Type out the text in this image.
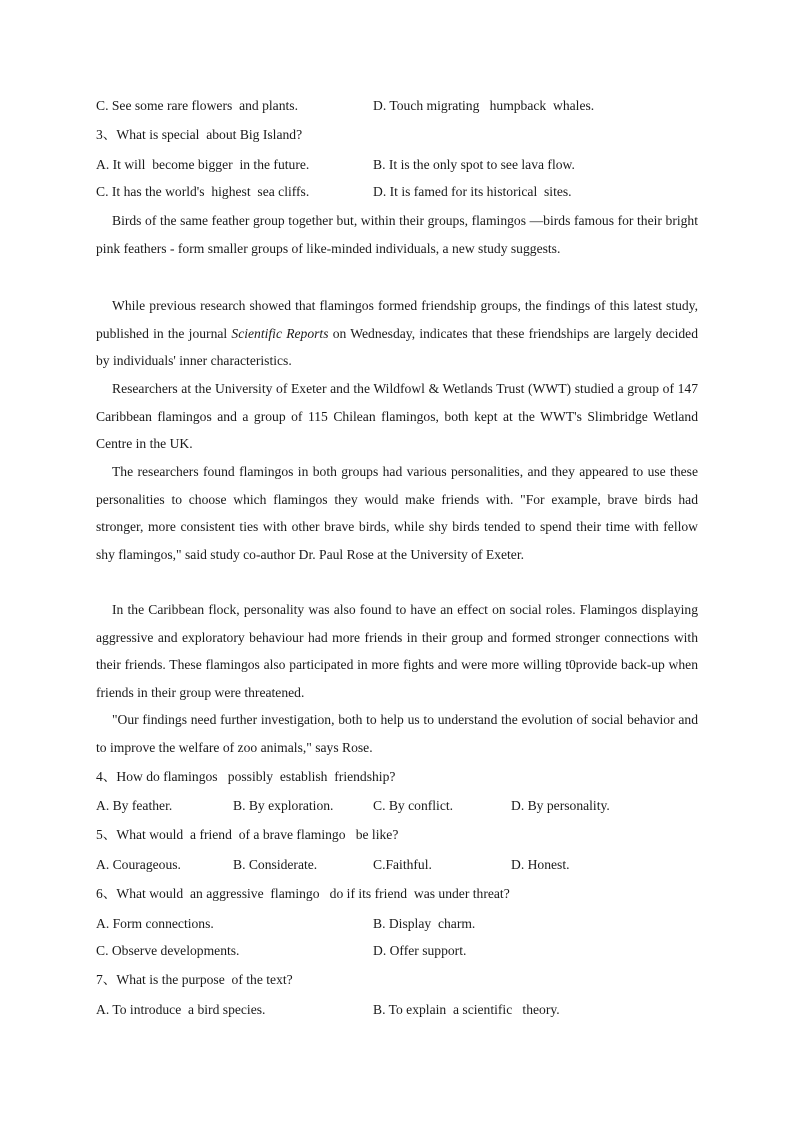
C. See some rare flowers  and plants.	D. Touch migrating   humpback  whales.
3、What is special  about Big Island?
A. It will  become bigger  in the future.	B. It is the only spot to see lava flow.
C. It has the world's  highest  sea cliffs.	D. It is famed for its historical  sites.
Birds of the same feather group together but, within their groups, flamingos —birds famous for their bright pink feathers - form smaller groups of like-minded individuals, a new study suggests.
While previous research showed that flamingos formed friendship groups, the findings of this latest study, published in the journal Scientific Reports on Wednesday, indicates that these friendships are largely decided by individuals' inner characteristics.
Researchers at the University of Exeter and the Wildfowl & Wetlands Trust (WWT) studied a group of 147 Caribbean flamingos and a group of 115 Chilean flamingos, both kept at the WWT's Slimbridge Wetland Centre in the UK.
The researchers found flamingos in both groups had various personalities, and they appeared to use these personalities to choose which flamingos they would make friends with. "For example, brave birds had stronger, more consistent ties with other brave birds, while shy birds tended to spend their time with fellow shy flamingos," said study co-author Dr. Paul Rose at the University of Exeter.
In the Caribbean flock, personality was also found to have an effect on social roles. Flamingos displaying aggressive and exploratory behaviour had more friends in their group and formed stronger connections with their friends. These flamingos also participated in more fights and were more willing t0provide back-up when friends in their group were threatened.
"Our findings need further investigation, both to help us to understand the evolution of social behavior and to improve the welfare of zoo animals," says Rose.
4、How do flamingos   possibly  establish  friendship?
A. By feather.	B. By exploration.	C. By conflict.	D. By personality.
5、What would  a friend  of a brave flamingo   be like?
A. Courageous.	B. Considerate.	C.Faithful.	D. Honest.
6、What would  an aggressive  flamingo   do if its friend  was under threat?
A. Form connections.	B. Display  charm.
C. Observe developments.	D. Offer support.
7、What is the purpose  of the text?
A. To introduce  a bird species.	B. To explain  a scientific   theory.
